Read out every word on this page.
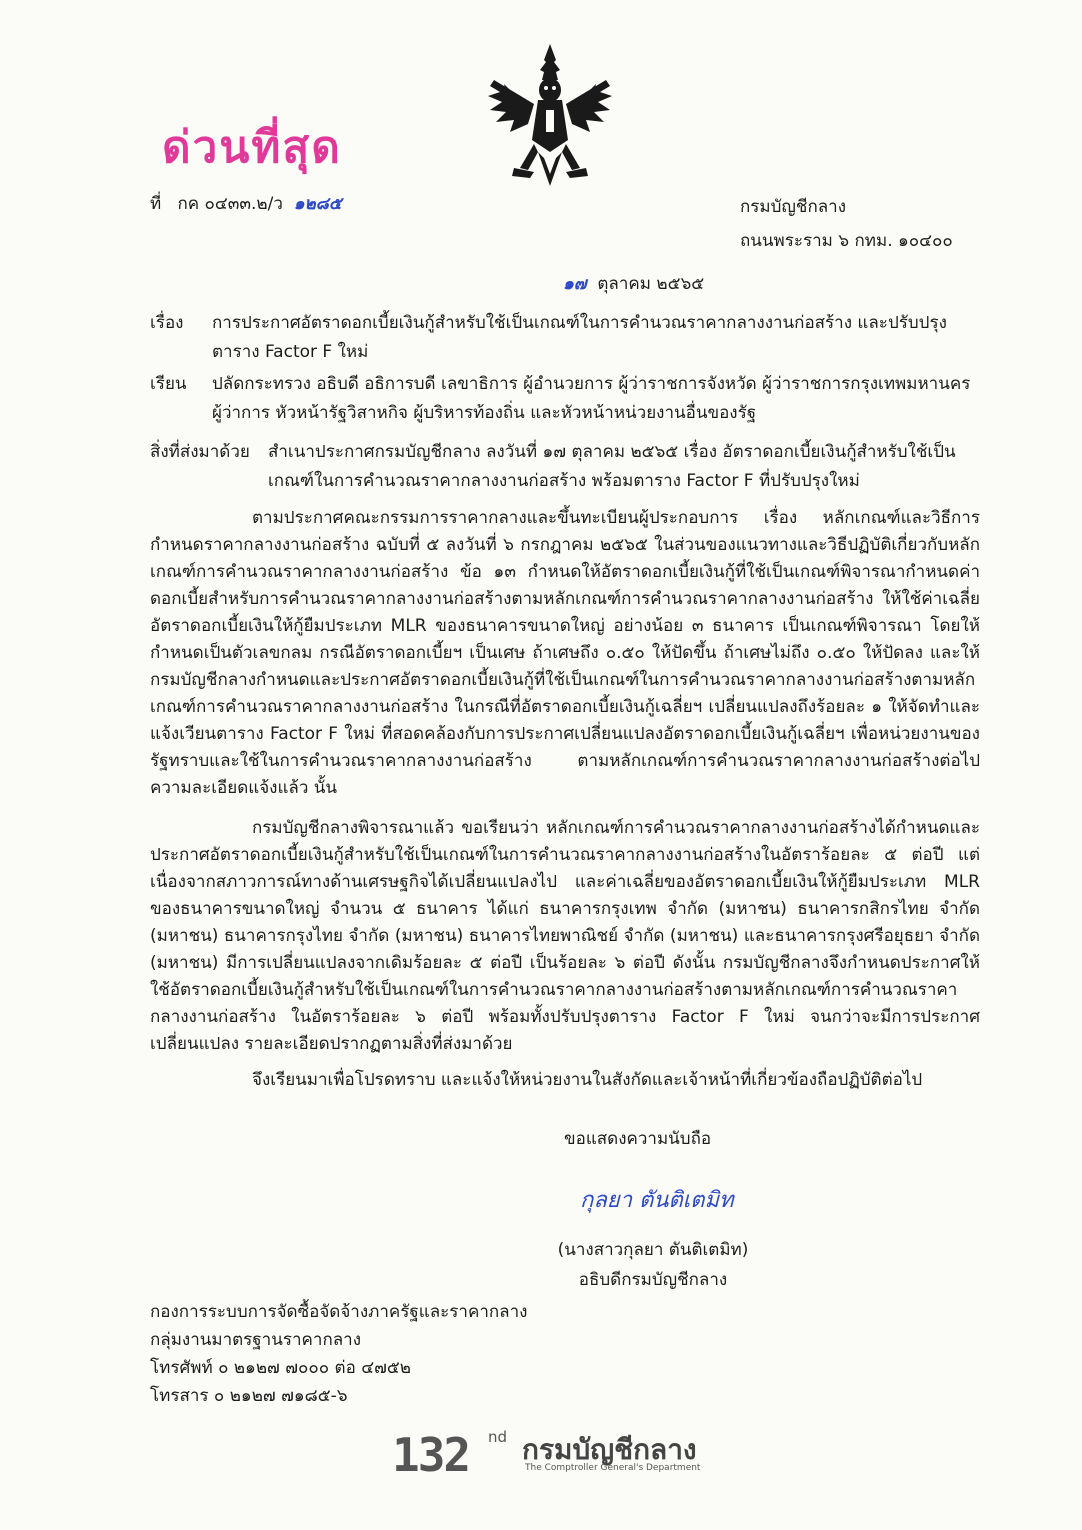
ด่วนที่สุด
ที่ กค ๐๔๓๓.๒/ว ๑๒๘๕	กรมบัญชีกลาง
ถนนพระราม ๖ กทม. ๑๐๔๐๐
๑๗ ตุลาคม ๒๕๖๕
เรื่อง การประกาศอัตราดอกเบี้ยเงินกู้สำหรับใช้เป็นเกณฑ์ในการคำนวณราคากลางงานก่อสร้าง และปรับปรุงตาราง Factor F ใหม่
เรียน ปลัดกระทรวง อธิบดี อธิการบดี เลขาธิการ ผู้อำนวยการ ผู้ว่าราชการจังหวัด ผู้ว่าราชการกรุงเทพมหานคร ผู้ว่าการ หัวหน้ารัฐวิสาหกิจ ผู้บริหารท้องถิ่น และหัวหน้าหน่วยงานอื่นของรัฐ
สิ่งที่ส่งมาด้วย	สำเนาประกาศกรมบัญชีกลาง ลงวันที่ ๑๗ ตุลาคม ๒๕๖๕ เรื่อง อัตราดอกเบี้ยเงินกู้สำหรับใช้เป็นเกณฑ์ในการคำนวณราคากลางงานก่อสร้าง พร้อมตาราง Factor F ที่ปรับปรุงใหม่
ตามประกาศคณะกรรมการราคากลางและขึ้นทะเบียนผู้ประกอบการ เรื่อง หลักเกณฑ์และวิธีการกำหนดราคากลางงานก่อสร้าง ฉบับที่ ๕ ลงวันที่ ๖ กรกฎาคม ๒๕๖๕ ในส่วนของแนวทางและวิธีปฏิบัติเกี่ยวกับหลักเกณฑ์การคำนวณราคากลางงานก่อสร้าง ข้อ ๑๓ กำหนดให้อัตราดอกเบี้ยเงินกู้ที่ใช้เป็นเกณฑ์พิจารณากำหนดค่าดอกเบี้ยสำหรับการคำนวณราคากลางงานก่อสร้างตามหลักเกณฑ์การคำนวณราคากลางงานก่อสร้าง ให้ใช้ค่าเฉลี่ยอัตราดอกเบี้ยเงินให้กู้ยืมประเภท MLR ของธนาคารขนาดใหญ่ อย่างน้อย ๓ ธนาคาร เป็นเกณฑ์พิจารณา โดยให้กำหนดเป็นตัวเลขกลม กรณีอัตราดอกเบี้ยฯ เป็นเศษ ถ้าเศษถึง ๐.๕๐ ให้ปัดขึ้น ถ้าเศษไม่ถึง ๐.๕๐ ให้ปัดลง และให้กรมบัญชีกลางกำหนดและประกาศอัตราดอกเบี้ยเงินกู้ที่ใช้เป็นเกณฑ์ในการคำนวณราคากลางงานก่อสร้างตามหลักเกณฑ์การคำนวณราคากลางงานก่อสร้าง ในกรณีที่อัตราดอกเบี้ยเงินกู้เฉลี่ยฯ เปลี่ยนแปลงถึงร้อยละ ๑ ให้จัดทำและแจ้งเวียนตาราง Factor F ใหม่ ที่สอดคล้องกับการประกาศเปลี่ยนแปลงอัตราดอกเบี้ยเงินกู้เฉลี่ยฯ เพื่อหน่วยงานของรัฐทราบและใช้ในการคำนวณราคากลางงานก่อสร้าง ตามหลักเกณฑ์การคำนวณราคากลางงานก่อสร้างต่อไป ความละเอียดแจ้งแล้ว นั้น
กรมบัญชีกลางพิจารณาแล้ว ขอเรียนว่า หลักเกณฑ์การคำนวณราคากลางงานก่อสร้างได้กำหนดและประกาศอัตราดอกเบี้ยเงินกู้สำหรับใช้เป็นเกณฑ์ในการคำนวณราคากลางงานก่อสร้างในอัตราร้อยละ ๕ ต่อปี แต่เนื่องจากสภาวการณ์ทางด้านเศรษฐกิจได้เปลี่ยนแปลงไป และค่าเฉลี่ยของอัตราดอกเบี้ยเงินให้กู้ยืมประเภท MLR ของธนาคารขนาดใหญ่ จำนวน ๕ ธนาคาร ได้แก่ ธนาคารกรุงเทพ จำกัด (มหาชน) ธนาคารกสิกรไทย จำกัด (มหาชน) ธนาคารกรุงไทย จำกัด (มหาชน) ธนาคารไทยพาณิชย์ จำกัด (มหาชน) และธนาคารกรุงศรีอยุธยา จำกัด (มหาชน) มีการเปลี่ยนแปลงจากเดิมร้อยละ ๕ ต่อปี เป็นร้อยละ ๖ ต่อปี ดังนั้น กรมบัญชีกลางจึงกำหนดประกาศให้ใช้อัตราดอกเบี้ยเงินกู้สำหรับใช้เป็นเกณฑ์ในการคำนวณราคากลางงานก่อสร้างตามหลักเกณฑ์การคำนวณราคากลางงานก่อสร้าง ในอัตราร้อยละ ๖ ต่อปี พร้อมทั้งปรับปรุงตาราง Factor F ใหม่ จนกว่าจะมีการประกาศเปลี่ยนแปลง รายละเอียดปรากฏตามสิ่งที่ส่งมาด้วย
จึงเรียนมาเพื่อโปรดทราบ และแจ้งให้หน่วยงานในสังกัดและเจ้าหน้าที่เกี่ยวข้องถือปฏิบัติต่อไป
ขอแสดงความนับถือ
กุลยา ตันติเตมิท
(นางสาวกุลยา ตันติเตมิท)
อธิบดีกรมบัญชีกลาง
กองการระบบการจัดซื้อจัดจ้างภาครัฐและราคากลาง
กลุ่มงานมาตรฐานราคากลาง
โทรศัพท์ ๐ ๒๑๒๗ ๗๐๐๐ ต่อ ๔๗๕๒
โทรสาร ๐ ๒๑๒๗ ๗๑๘๕-๖
132 nd กรมบัญชีกลาง
The Comptroller General's Department
